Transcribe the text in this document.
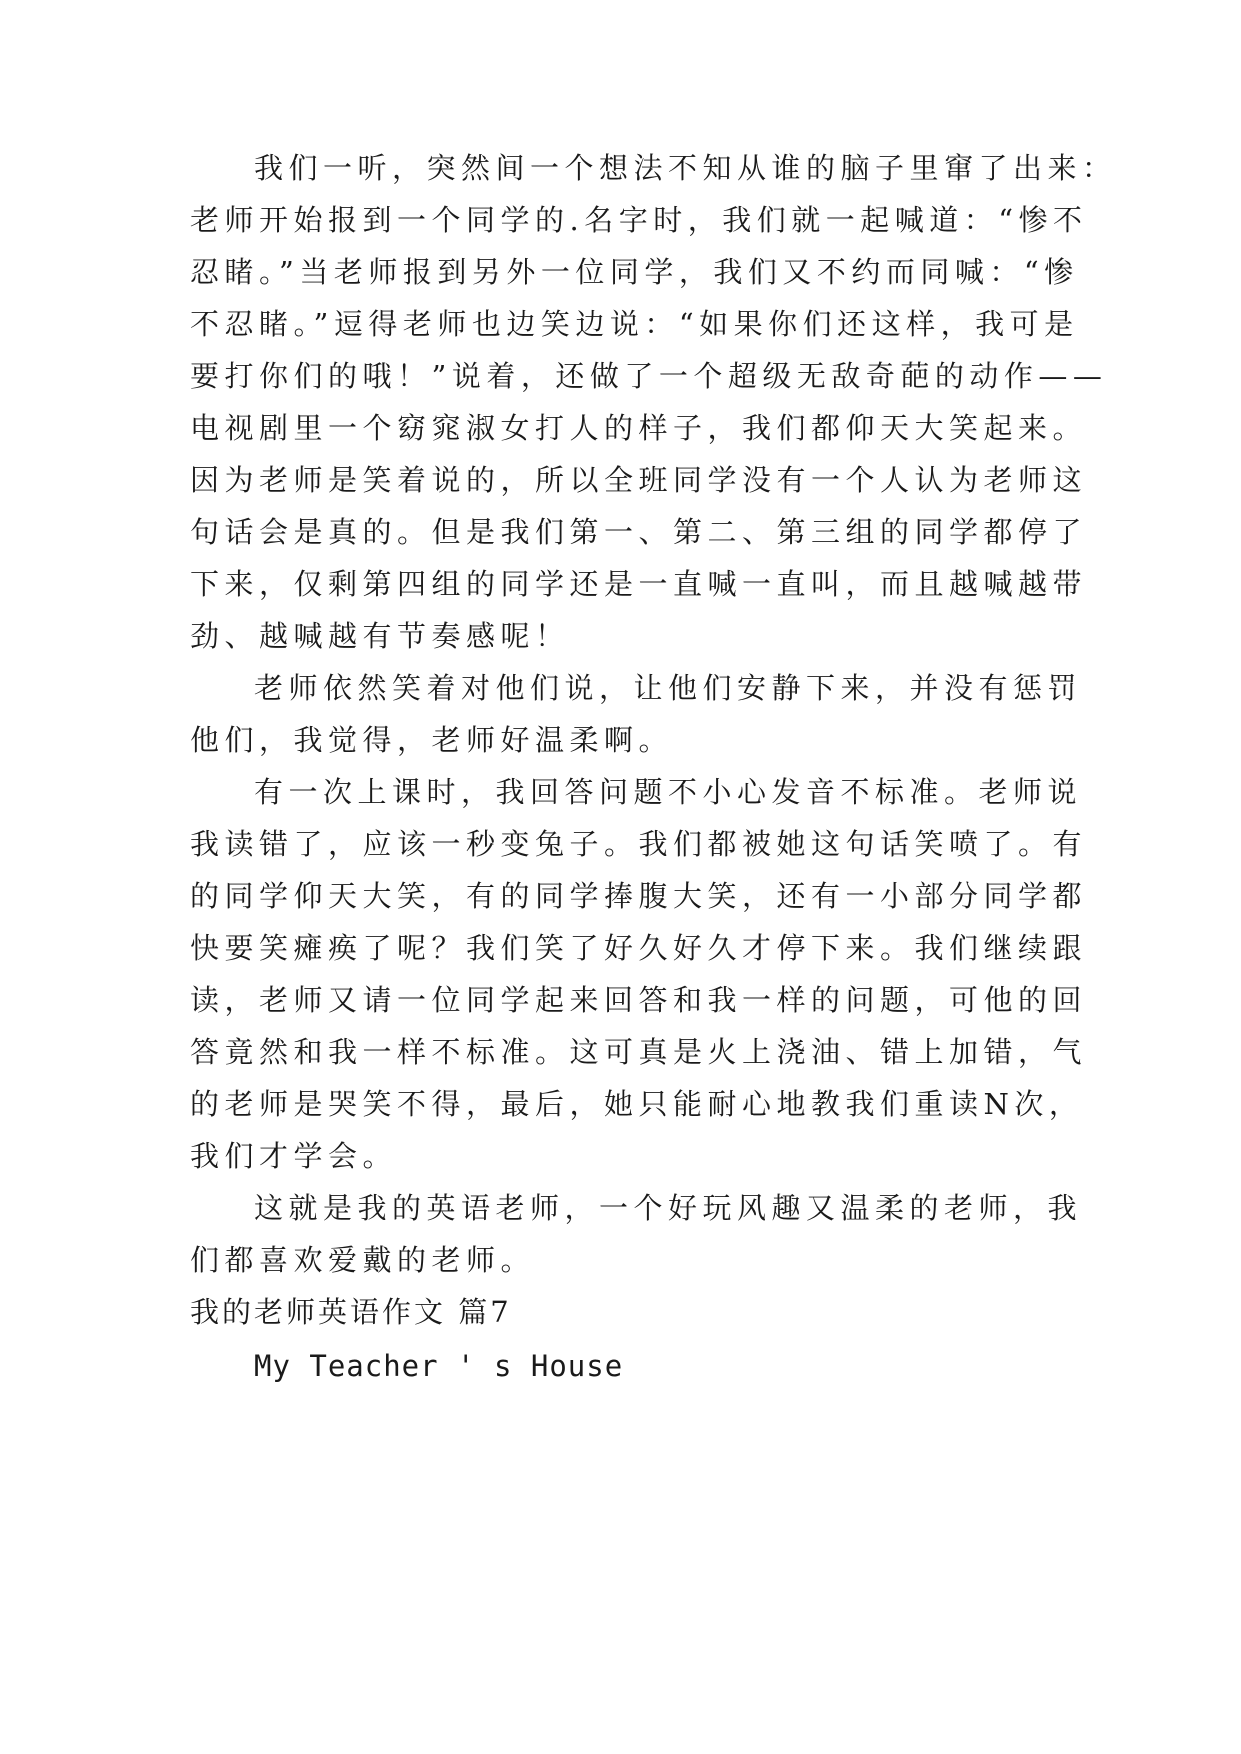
我们一听，突然间一个想法不知从谁的脑子里窜了出来：
老师开始报到一个同学的.名字时，我们就一起喊道：“惨不
忍睹。”当老师报到另外一位同学，我们又不约而同喊：“惨
不忍睹。”逗得老师也边笑边说：“如果你们还这样，我可是
要打你们的哦！”说着，还做了一个超级无敌奇葩的动作——
电视剧里一个窈窕淑女打人的样子，我们都仰天大笑起来。
因为老师是笑着说的，所以全班同学没有一个人认为老师这
句话会是真的。但是我们第一、第二、第三组的同学都停了
下来，仅剩第四组的同学还是一直喊一直叫，而且越喊越带
劲、越喊越有节奏感呢！
老师依然笑着对他们说，让他们安静下来，并没有惩罚
他们，我觉得，老师好温柔啊。
有一次上课时，我回答问题不小心发音不标准。老师说
我读错了，应该一秒变兔子。我们都被她这句话笑喷了。有
的同学仰天大笑，有的同学捧腹大笑，还有一小部分同学都
快要笑瘫痪了呢？我们笑了好久好久才停下来。我们继续跟
读，老师又请一位同学起来回答和我一样的问题，可他的回
答竟然和我一样不标准。这可真是火上浇油、错上加错，气
的老师是哭笑不得，最后，她只能耐心地教我们重读N次，
我们才学会。
这就是我的英语老师，一个好玩风趣又温柔的老师，我
们都喜欢爱戴的老师。
我的老师英语作文 篇7
My Teacher ' s House
